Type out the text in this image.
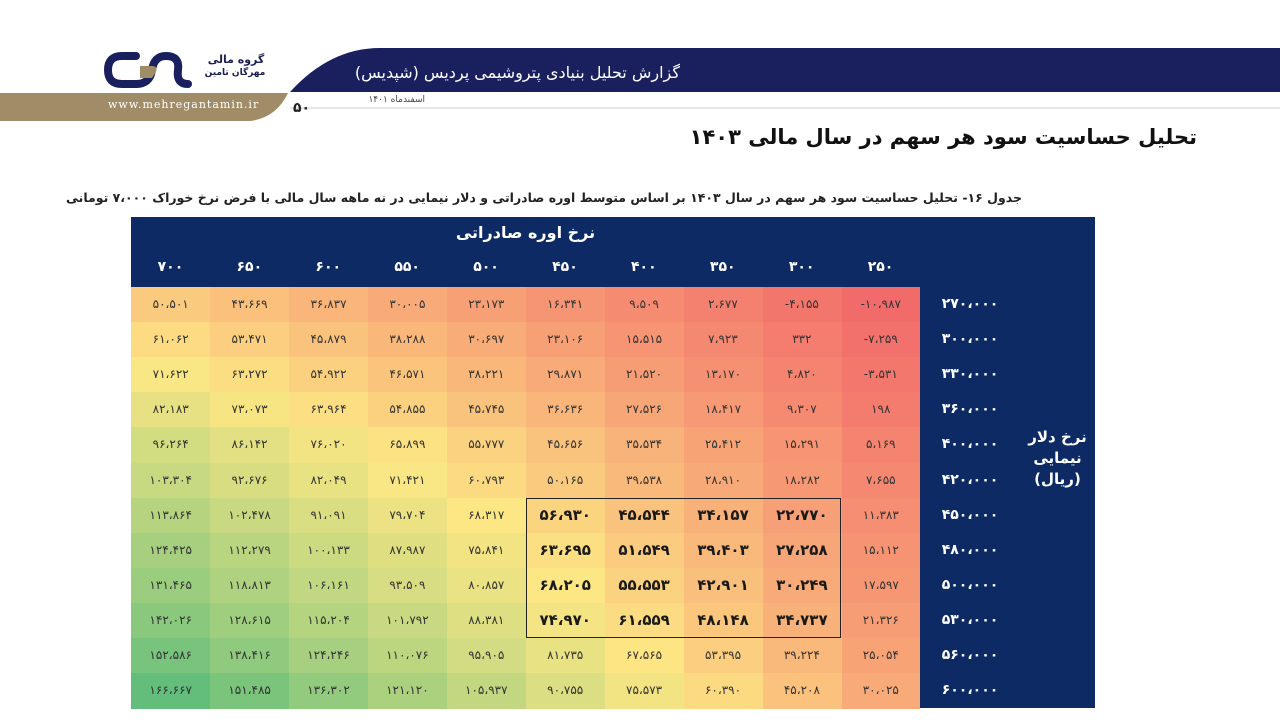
گروه مالی
مهرگان تامین
www.mehregantamin.ir
گزارش تحلیل بنیادی پتروشیمی پردیس (شپدیس)
اسفندماه ۱۴۰۱
۵۰
تحلیل حساسیت سود هر سهم در سال مالی ۱۴۰۳
جدول ۱۶- تحلیل حساسیت سود هر سهم در سال ۱۴۰۳ بر اساس متوسط اوره صادراتی و دلار نیمایی در نه ماهه سال مالی با فرض نرخ خوراک ۷،۰۰۰ تومانی
نرخ اوره صادراتی
۲۵۰
۳۰۰
۳۵۰
۴۰۰
۴۵۰
۵۰۰
۵۵۰
۶۰۰
۶۵۰
۷۰۰
۲۷۰،۰۰۰
۳۰۰،۰۰۰
۳۳۰،۰۰۰
۳۶۰،۰۰۰
۴۰۰،۰۰۰
۴۲۰،۰۰۰
۴۵۰،۰۰۰
۴۸۰،۰۰۰
۵۰۰،۰۰۰
۵۳۰،۰۰۰
۵۶۰،۰۰۰
۶۰۰،۰۰۰
-۱۰،۹۸۷
-۴،۱۵۵
۲،۶۷۷
۹،۵۰۹
۱۶،۳۴۱
۲۳،۱۷۳
۳۰،۰۰۵
۳۶،۸۳۷
۴۳،۶۶۹
۵۰،۵۰۱
-۷،۲۵۹
۳۳۲
۷،۹۲۳
۱۵،۵۱۵
۲۳،۱۰۶
۳۰،۶۹۷
۳۸،۲۸۸
۴۵،۸۷۹
۵۳،۴۷۱
۶۱،۰۶۲
-۳،۵۳۱
۴،۸۲۰
۱۳،۱۷۰
۲۱،۵۲۰
۲۹،۸۷۱
۳۸،۲۲۱
۴۶،۵۷۱
۵۴،۹۲۲
۶۳،۲۷۲
۷۱،۶۲۲
۱۹۸
۹،۳۰۷
۱۸،۴۱۷
۲۷،۵۲۶
۳۶،۶۳۶
۴۵،۷۴۵
۵۴،۸۵۵
۶۳،۹۶۴
۷۳،۰۷۳
۸۲،۱۸۳
۵،۱۶۹
۱۵،۲۹۱
۲۵،۴۱۲
۳۵،۵۳۴
۴۵،۶۵۶
۵۵،۷۷۷
۶۵،۸۹۹
۷۶،۰۲۰
۸۶،۱۴۲
۹۶،۲۶۴
۷،۶۵۵
۱۸،۲۸۲
۲۸،۹۱۰
۳۹،۵۳۸
۵۰،۱۶۵
۶۰،۷۹۳
۷۱،۴۲۱
۸۲،۰۴۹
۹۲،۶۷۶
۱۰۳،۳۰۴
۱۱،۳۸۳
۲۲،۷۷۰
۳۴،۱۵۷
۴۵،۵۴۴
۵۶،۹۳۰
۶۸،۳۱۷
۷۹،۷۰۴
۹۱،۰۹۱
۱۰۲،۴۷۸
۱۱۳،۸۶۴
۱۵،۱۱۲
۲۷،۲۵۸
۳۹،۴۰۳
۵۱،۵۴۹
۶۳،۶۹۵
۷۵،۸۴۱
۸۷،۹۸۷
۱۰۰،۱۳۳
۱۱۲،۲۷۹
۱۲۴،۴۲۵
۱۷،۵۹۷
۳۰،۲۴۹
۴۲،۹۰۱
۵۵،۵۵۳
۶۸،۲۰۵
۸۰،۸۵۷
۹۳،۵۰۹
۱۰۶،۱۶۱
۱۱۸،۸۱۳
۱۳۱،۴۶۵
۲۱،۳۲۶
۳۴،۷۳۷
۴۸،۱۴۸
۶۱،۵۵۹
۷۴،۹۷۰
۸۸،۳۸۱
۱۰۱،۷۹۲
۱۱۵،۲۰۴
۱۲۸،۶۱۵
۱۴۲،۰۲۶
۲۵،۰۵۴
۳۹،۲۲۴
۵۳،۳۹۵
۶۷،۵۶۵
۸۱،۷۳۵
۹۵،۹۰۵
۱۱۰،۰۷۶
۱۲۴،۲۴۶
۱۳۸،۴۱۶
۱۵۲،۵۸۶
۳۰،۰۲۵
۴۵،۲۰۸
۶۰،۳۹۰
۷۵،۵۷۳
۹۰،۷۵۵
۱۰۵،۹۳۷
۱۲۱،۱۲۰
۱۳۶،۳۰۲
۱۵۱،۴۸۵
۱۶۶،۶۶۷
نرخ دلار
نیمایی
(ریال)
